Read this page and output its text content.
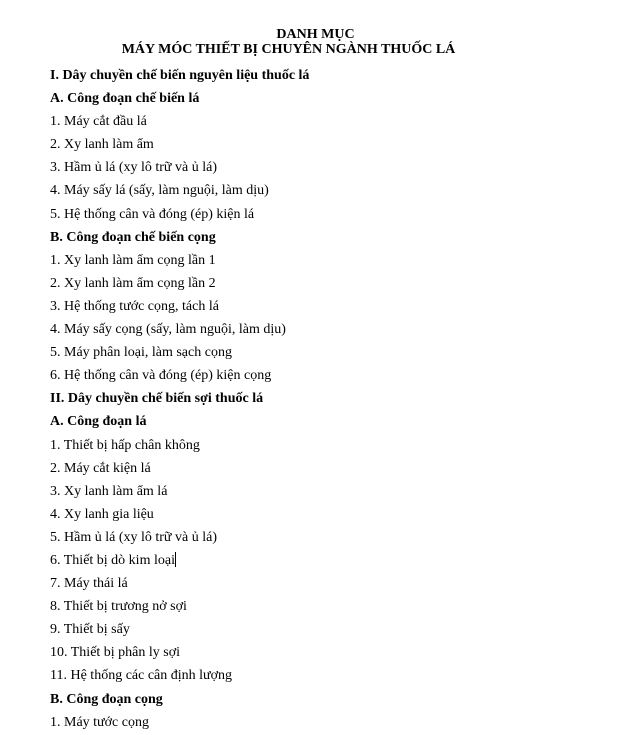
DANH MỤC
MÁY MÓC THIẾT BỊ CHUYÊN NGÀNH THUỐC LÁ
I. Dây chuyền chế biến nguyên liệu thuốc lá
A. Công đoạn chế biến lá
1. Máy cắt đầu lá
2. Xy lanh làm ẩm
3. Hầm ủ lá (xy lô trữ và ủ lá)
4. Máy sấy lá (sấy, làm nguội, làm dịu)
5. Hệ thống cân và đóng (ép) kiện lá
B. Công đoạn chế biến cọng
1. Xy lanh làm ẩm cọng lần 1
2. Xy lanh làm ẩm cọng lần 2
3. Hệ thống tước cọng, tách lá
4. Máy sấy cọng (sấy, làm nguội, làm dịu)
5. Máy phân loại, làm sạch cọng
6. Hệ thống cân và đóng (ép) kiện cọng
II. Dây chuyền chế biến sợi thuốc lá
A. Công đoạn lá
1. Thiết bị hấp chân không
2. Máy cắt kiện lá
3. Xy lanh làm ẩm lá
4. Xy lanh gia liệu
5. Hầm ủ lá (xy lô trữ và ủ lá)
6. Thiết bị dò kim loại
7. Máy thái lá
8. Thiết bị trương nở sợi
9. Thiết bị sấy
10. Thiết bị phân ly sợi
11. Hệ thống các cân định lượng
B. Công đoạn cọng
1. Máy tước cọng
